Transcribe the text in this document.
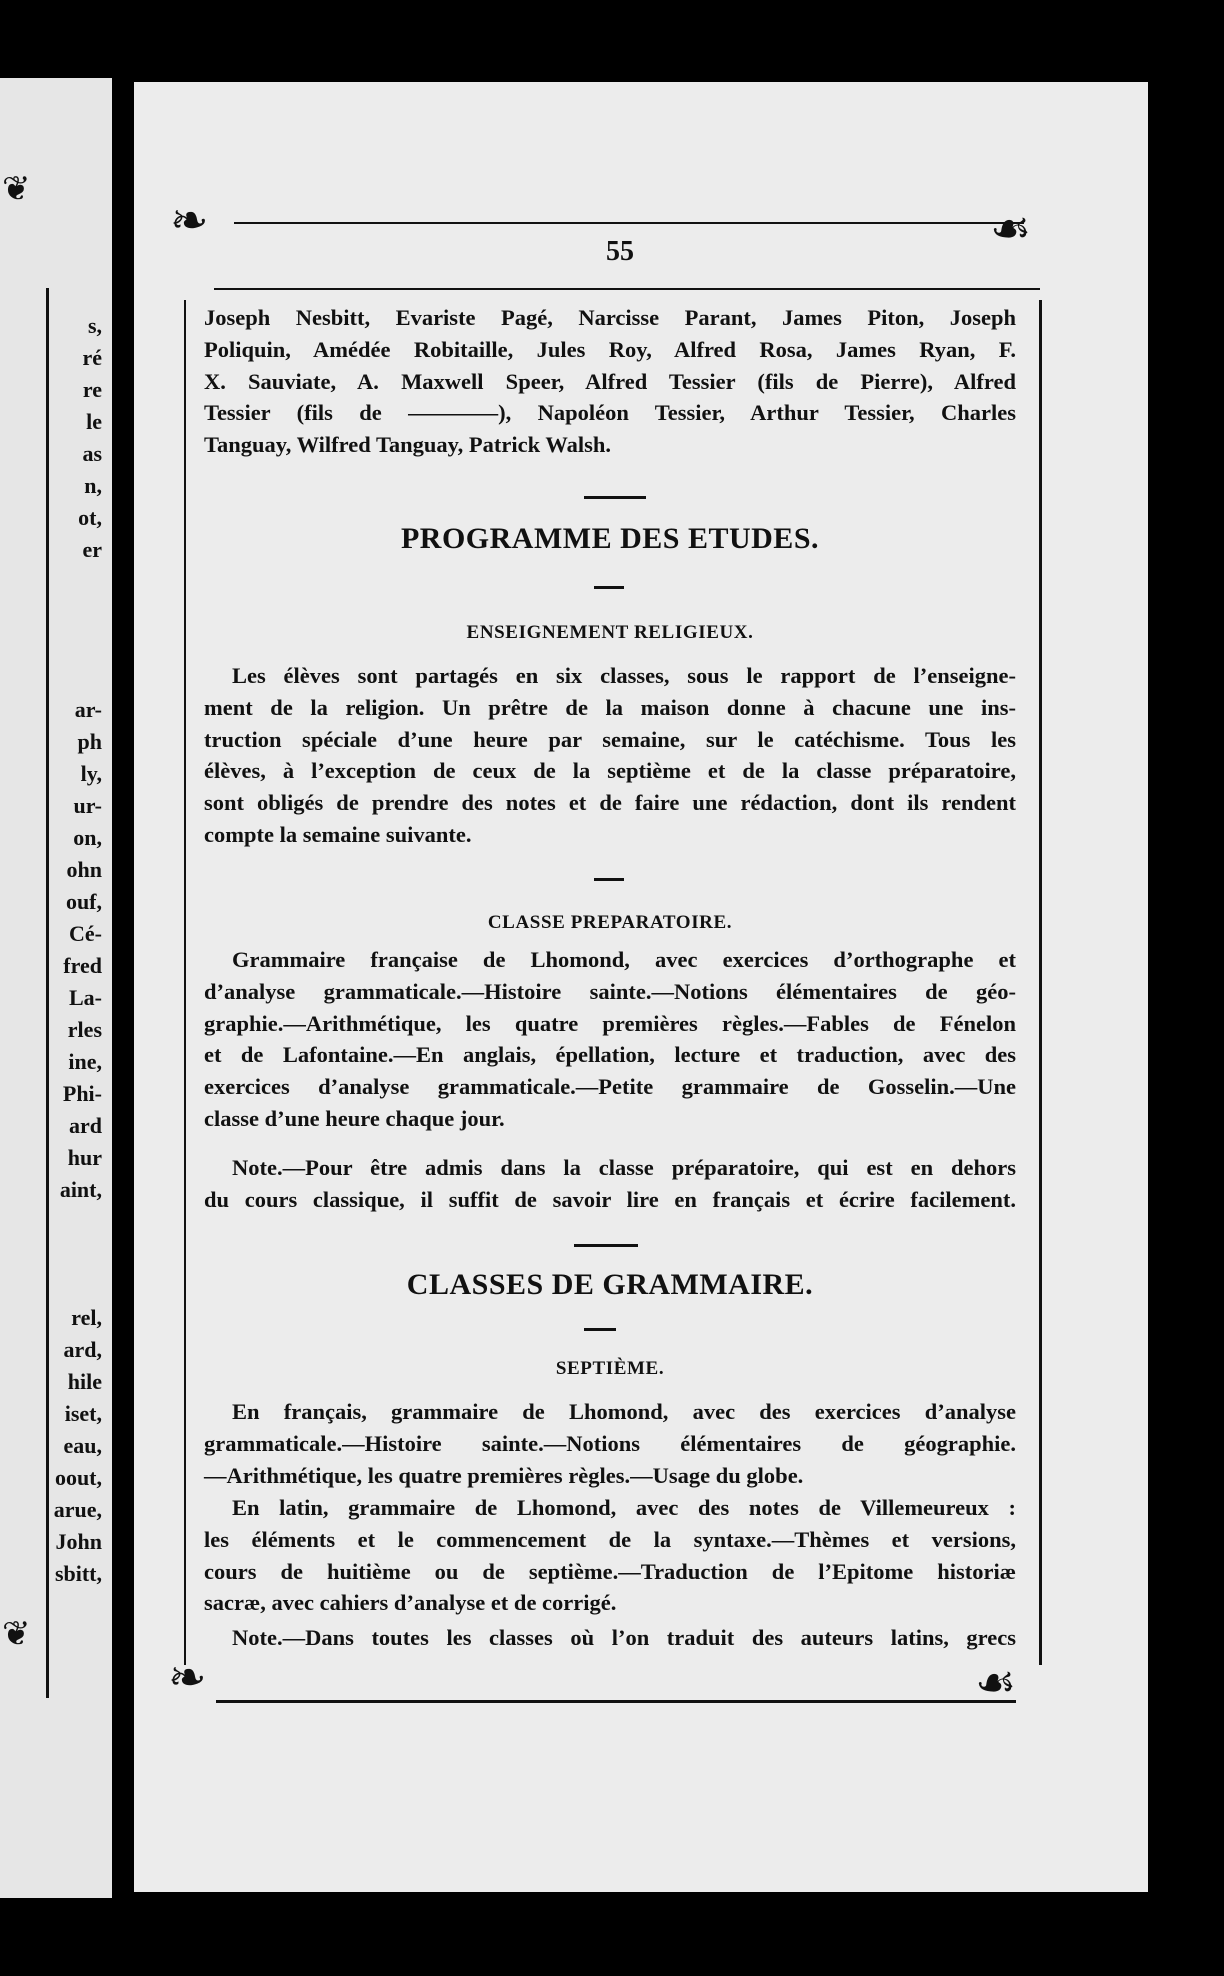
❦
❦
s,
ré
re
le
as
n,
ot,
er
ar-
ph
ly,
ur-
on,
ohn
ouf,
Cé-
fred
La-
rles
ine,
Phi-
ard
hur
aint,
rel,
ard,
hile
iset,
eau,
oout,
arue,
John
sbitt,
❧	☙
❧	☙
55
Joseph Nesbitt, Evariste Pagé, Narcisse Parant, James Piton, Joseph
Poliquin, Amédée Robitaille, Jules Roy, Alfred Rosa, James Ryan, F.
X. Sauviate, A. Maxwell Speer, Alfred Tessier (fils de Pierre), Alfred
Tessier (fils de ————), Napoléon Tessier, Arthur Tessier, Charles
Tanguay, Wilfred Tanguay, Patrick Walsh.
PROGRAMME DES ETUDES.
ENSEIGNEMENT RELIGIEUX.
Les élèves sont partagés en six classes, sous le rapport de l’enseigne-
ment de la religion. Un prêtre de la maison donne à chacune une ins-
truction spéciale d’une heure par semaine, sur le catéchisme. Tous les
élèves, à l’exception de ceux de la septième et de la classe préparatoire,
sont obligés de prendre des notes et de faire une rédaction, dont ils rendent
compte la semaine suivante.
CLASSE PREPARATOIRE.
Grammaire française de Lhomond, avec exercices d’orthographe et
d’analyse grammaticale.—Histoire sainte.—Notions élémentaires de géo-
graphie.—Arithmétique, les quatre premières règles.—Fables de Fénelon
et de Lafontaine.—En anglais, épellation, lecture et traduction, avec des
exercices d’analyse grammaticale.—Petite grammaire de Gosselin.—Une
classe d’une heure chaque jour.
Note.—Pour être admis dans la classe préparatoire, qui est en dehors
du cours classique, il suffit de savoir lire en français et écrire facilement.
CLASSES DE GRAMMAIRE.
SEPTIÈME.
En français, grammaire de Lhomond, avec des exercices d’analyse
grammaticale.—Histoire sainte.—Notions élémentaires de géographie.
—Arithmétique, les quatre premières règles.—Usage du globe.
En latin, grammaire de Lhomond, avec des notes de Villemeureux :
les éléments et le commencement de la syntaxe.—Thèmes et versions,
cours de huitième ou de septième.—Traduction de l’Epitome historiæ
sacræ, avec cahiers d’analyse et de corrigé.
Note.—Dans toutes les classes où l’on traduit des auteurs latins, grecs
